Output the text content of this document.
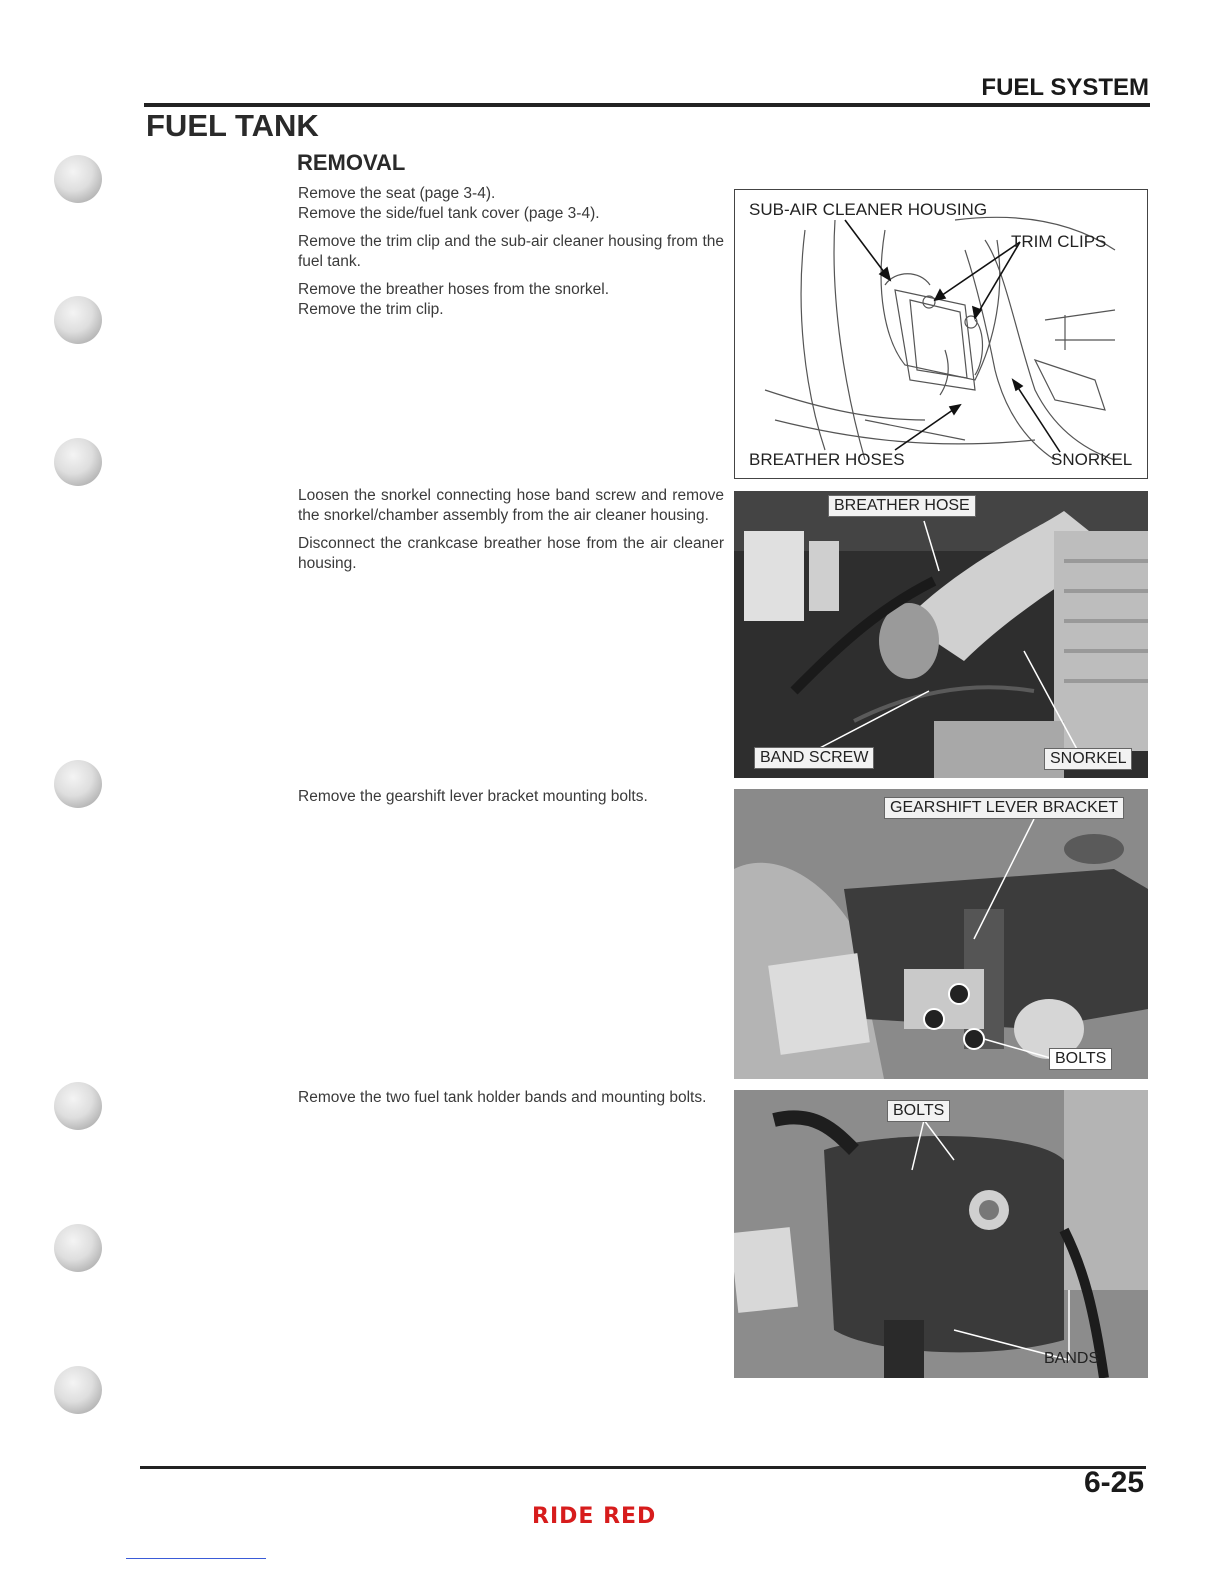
FUEL SYSTEM
FUEL TANK
REMOVAL

Remove the seat (page 3-4).

Remove the side/fuel tank cover (page 3-4).

Remove the trim clip and the sub-air cleaner housing from the fuel tank.

Remove the breather hoses from the snorkel.

Remove the trim clip.

Loosen the snorkel connecting hose band screw and remove the snorkel/chamber assembly from the air cleaner housing.

Disconnect the crankcase breather hose from the air cleaner housing.

Remove the gearshift lever bracket mounting bolts.

Remove the two fuel tank holder bands and mounting bolts.

SUB-AIR CLEANER HOUSING
TRIM CLIPS
BREATHER HOSES	SNORKEL
BREATHER HOSE
BAND SCREW	SNORKEL
GEARSHIFT LEVER BRACKET
BOLTS
BOLTS
BANDS
6-25
RIDE RED
